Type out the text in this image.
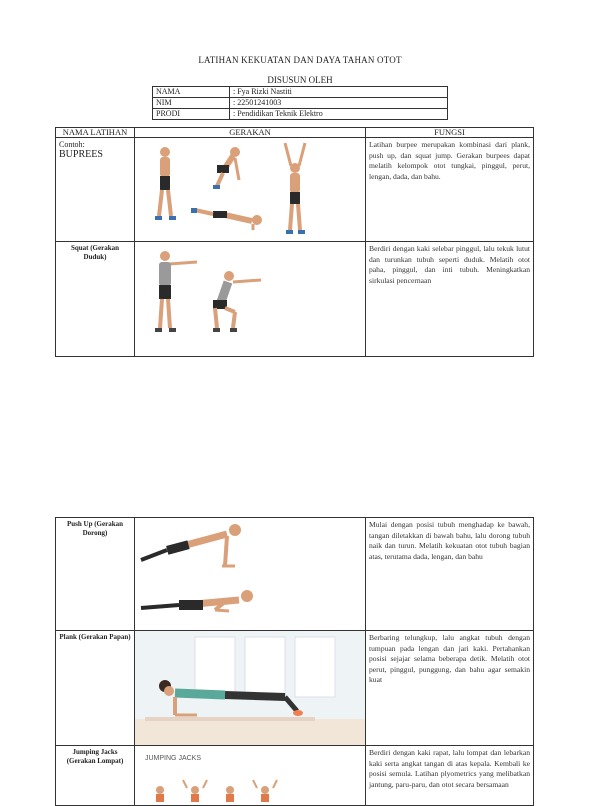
LATIHAN KEKUATAN DAN DAYA TAHAN OTOT
DISUSUN OLEH
NAMA	: Fya Rizki Nastiti
NIM	: 22501241003
PRODI	: Pendidikan Teknik Elektro
NAMA LATIHAN	GERAKAN	FUNGSI

Contoh:
BUPREES		Latihan burpee merupakan kombinasi dari plank, push up, dan squat jump. Gerakan burpees dapat melatih kelompok otot tungkai, pinggul, perut, lengan, dada, dan bahu.

Squat (Gerakan Duduk)		Berdiri dengan kaki selebar pinggul, lalu tekuk lutut dan turunkan tubuh seperti duduk. Melatih otot paha, pinggul, dan inti tubuh. Meningkatkan sirkulasi pencernaan
Push Up (Gerakan Dorong)		Mulai dengan posisi tubuh menghadap ke bawah, tangan diletakkan di bawah bahu, lalu dorong tubuh naik dan turun. Melatih kekuatan otot tubuh bagian atas, terutama dada, lengan, dan bahu

Plank (Gerakan Papan)		Berbaring telungkup, lalu angkat tubuh dengan tumpuan pada lengan dan jari kaki. Pertahankan posisi sejajar selama beberapa detik. Melatih otot perut, pinggul, punggung, dan bahu agar semakin kuat

Jumping Jacks (Gerakan Lompat)	JUMPING JACKS	Berdiri dengan kaki rapat, lalu lompat dan lebarkan kaki serta angkat tangan di atas kepala. Kembali ke posisi semula. Latihan plyometrics yang melibatkan jantung, paru-paru, dan otot secara bersamaan
